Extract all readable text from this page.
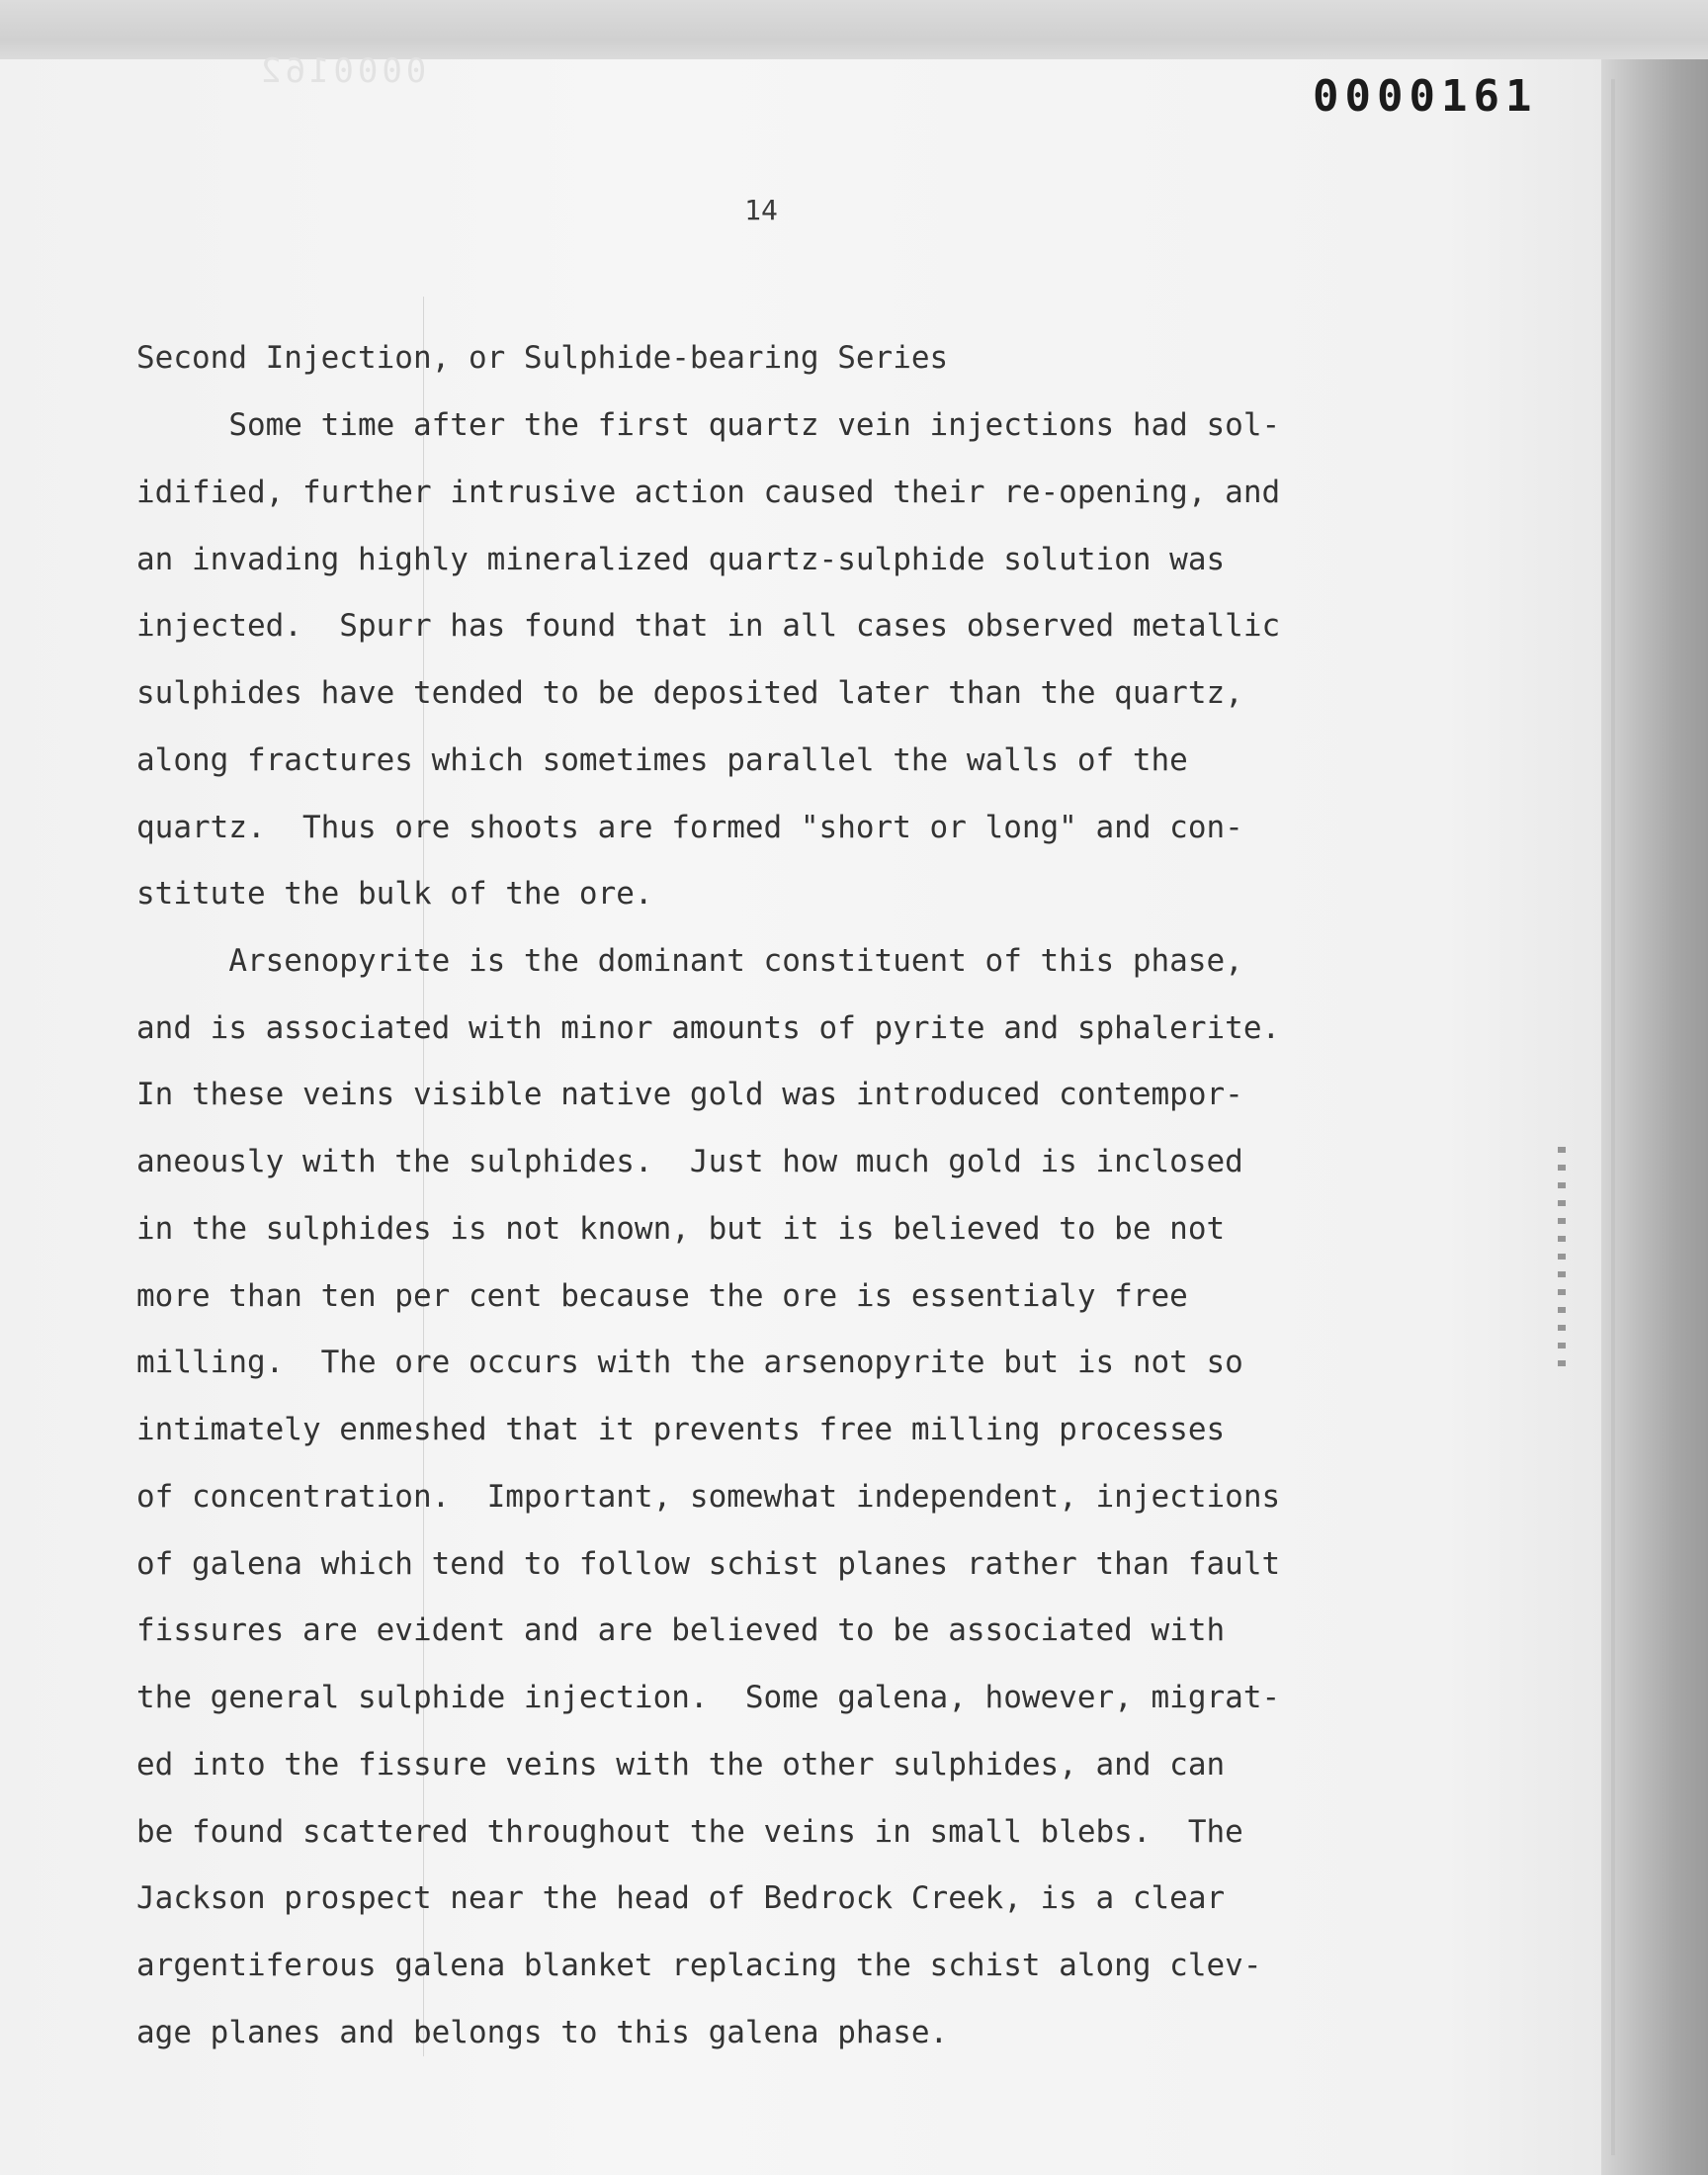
0000162	0000161
14
Second Injection, or Sulphide-bearing Series
Some time after the first quartz vein injections had sol-
idified, further intrusive action caused their re-opening, and
an invading highly mineralized quartz-sulphide solution was
injected.  Spurr has found that in all cases observed metallic
sulphides have tended to be deposited later than the quartz,
along fractures which sometimes parallel the walls of the
quartz.  Thus ore shoots are formed "short or long" and con-
stitute the bulk of the ore.
Arsenopyrite is the dominant constituent of this phase,
and is associated with minor amounts of pyrite and sphalerite.
In these veins visible native gold was introduced contempor-
aneously with the sulphides.  Just how much gold is inclosed
in the sulphides is not known, but it is believed to be not
more than ten per cent because the ore is essentialy free
milling.  The ore occurs with the arsenopyrite but is not so
intimately enmeshed that it prevents free milling processes
of concentration.  Important, somewhat independent, injections
of galena which tend to follow schist planes rather than fault
fissures are evident and are believed to be associated with
the general sulphide injection.  Some galena, however, migrat-
ed into the fissure veins with the other sulphides, and can
be found scattered throughout the veins in small blebs.  The
Jackson prospect near the head of Bedrock Creek, is a clear
argentiferous galena blanket replacing the schist along clev-
age planes and belongs to this galena phase.
